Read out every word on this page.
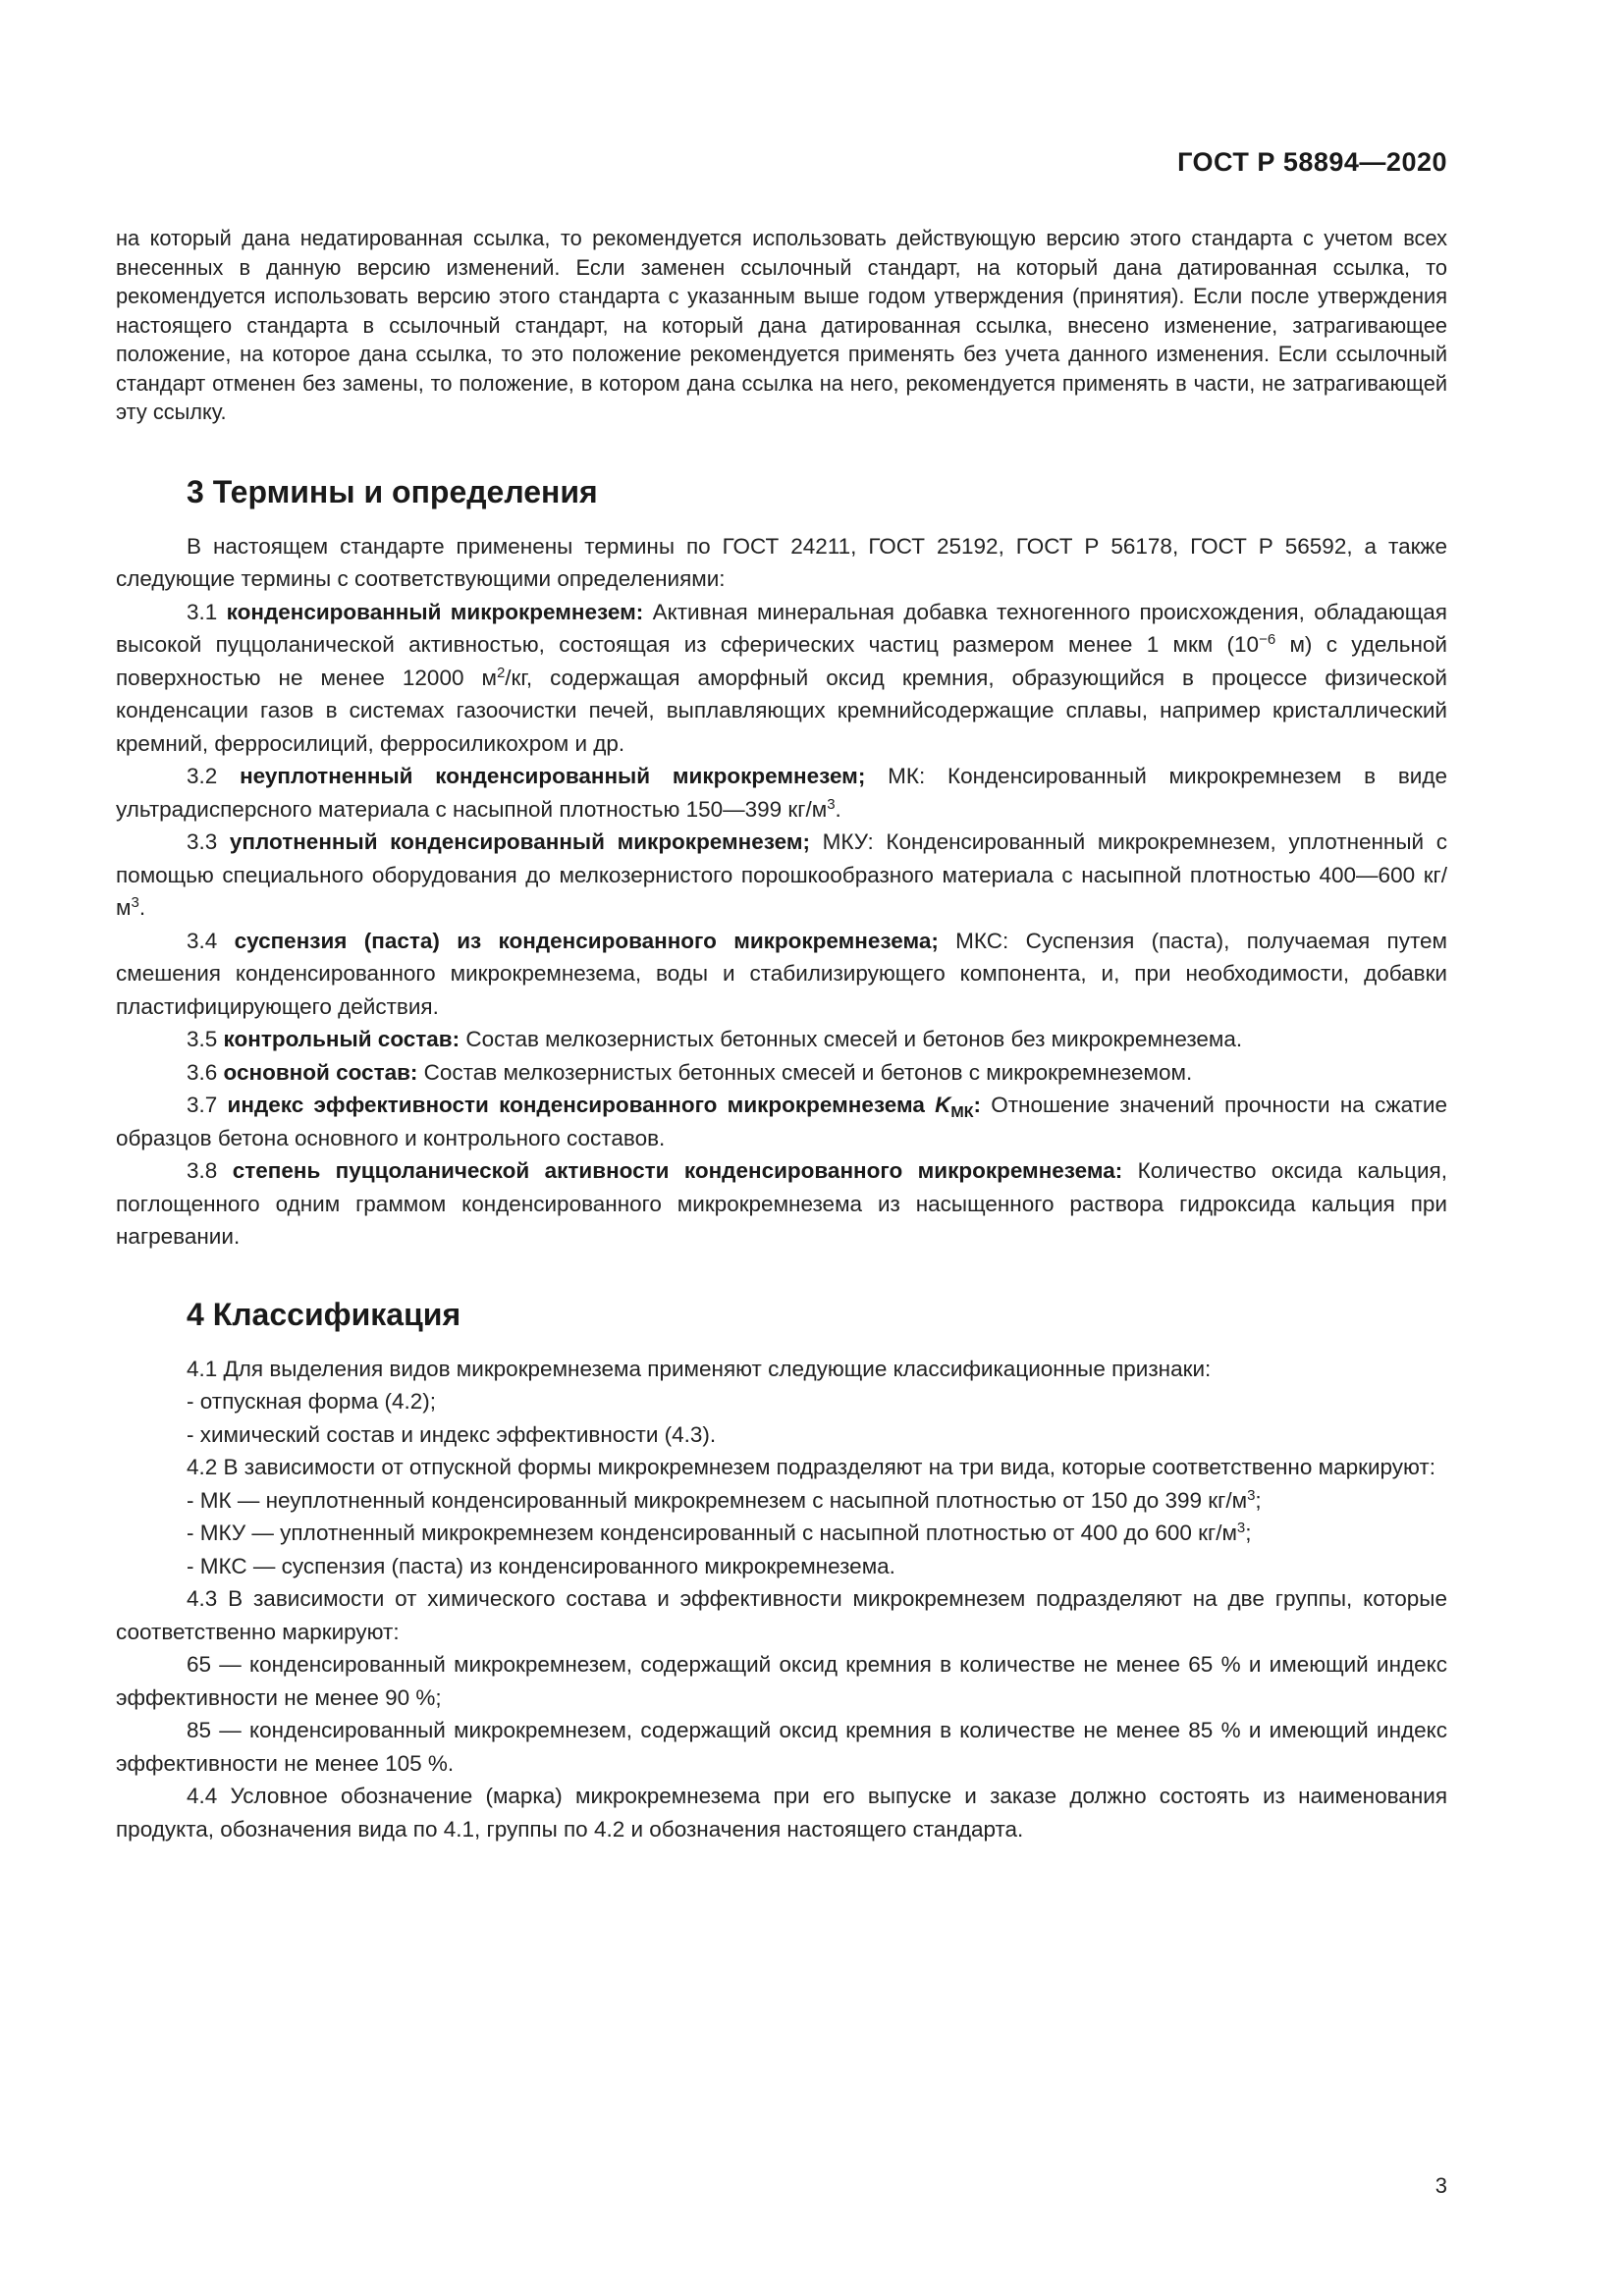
ГОСТ Р 58894—2020

на который дана недатированная ссылка, то рекомендуется использовать действующую версию этого стандарта с учетом всех внесенных в данную версию изменений. Если заменен ссылочный стандарт, на который дана датированная ссылка, то рекомендуется использовать версию этого стандарта с указанным выше годом утверждения (принятия). Если после утверждения настоящего стандарта в ссылочный стандарт, на который дана датированная ссылка, внесено изменение, затрагивающее положение, на которое дана ссылка, то это положение рекомендуется применять без учета данного изменения. Если ссылочный стандарт отменен без замены, то положение, в котором дана ссылка на него, рекомендуется применять в части, не затрагивающей эту ссылку.

3 Термины и определения

В настоящем стандарте применены термины по ГОСТ 24211, ГОСТ 25192, ГОСТ Р 56178, ГОСТ Р 56592, а также следующие термины с соответствующими определениями:

3.1 конденсированный микрокремнезем: Активная минеральная добавка техногенного происхождения, обладающая высокой пуццоланической активностью, состоящая из сферических частиц размером менее 1 мкм ($10^{-6}$ м) с удельной поверхностью не менее 12000 $м^2/кг$, содержащая аморфный оксид кремния, образующийся в процессе физической конденсации газов в системах газоочистки печей, выплавляющих кремнийсодержащие сплавы, например кристаллический кремний, ферросилиций, ферросиликохром и др.

3.2 неуплотненный конденсированный микрокремнезем; МК: Конденсированный микрокремнезем в виде ультрадисперсного материала с насыпной плотностью 150—399 $кг/м^3$.

3.3 уплотненный конденсированный микрокремнезем; МКУ: Конденсированный микрокремнезем, уплотненный с помощью специального оборудования до мелкозернистого порошкообразного материала с насыпной плотностью 400—600 $кг/м^3$.

3.4 суспензия (паста) из конденсированного микрокремнезема; МКС: Суспензия (паста), получаемая путем смешения конденсированного микрокремнезема, воды и стабилизирующего компонента, и, при необходимости, добавки пластифицирующего действия.

3.5 контрольный состав: Состав мелкозернистых бетонных смесей и бетонов без микрокремнезема.

3.6 основной состав: Состав мелкозернистых бетонных смесей и бетонов с микрокремнеземом.

3.7 индекс эффективности конденсированного микрокремнезема $K_{МК}$: Отношение значений прочности на сжатие образцов бетона основного и контрольного составов.

3.8 степень пуццоланической активности конденсированного микрокремнезема: Количество оксида кальция, поглощенного одним граммом конденсированного микрокремнезема из насыщенного раствора гидроксида кальция при нагревании.

4 Классификация

4.1 Для выделения видов микрокремнезема применяют следующие классификационные признаки:

- отпускная форма (4.2);

- химический состав и индекс эффективности (4.3).

4.2 В зависимости от отпускной формы микрокремнезем подразделяют на три вида, которые соответственно маркируют:

- МК — неуплотненный конденсированный микрокремнезем с насыпной плотностью от 150 до 399 $кг/м^3$;

- МКУ — уплотненный микрокремнезем конденсированный с насыпной плотностью от 400 до 600 $кг/м^3$;

- МКС — суспензия (паста) из конденсированного микрокремнезема.

4.3 В зависимости от химического состава и эффективности микрокремнезем подразделяют на две группы, которые соответственно маркируют:

65 — конденсированный микрокремнезем, содержащий оксид кремния в количестве не менее 65 % и имеющий индекс эффективности не менее 90 %;

85 — конденсированный микрокремнезем, содержащий оксид кремния в количестве не менее 85 % и имеющий индекс эффективности не менее 105 %.

4.4 Условное обозначение (марка) микрокремнезема при его выпуске и заказе должно состоять из наименования продукта, обозначения вида по 4.1, группы по 4.2 и обозначения настоящего стандарта.

3
